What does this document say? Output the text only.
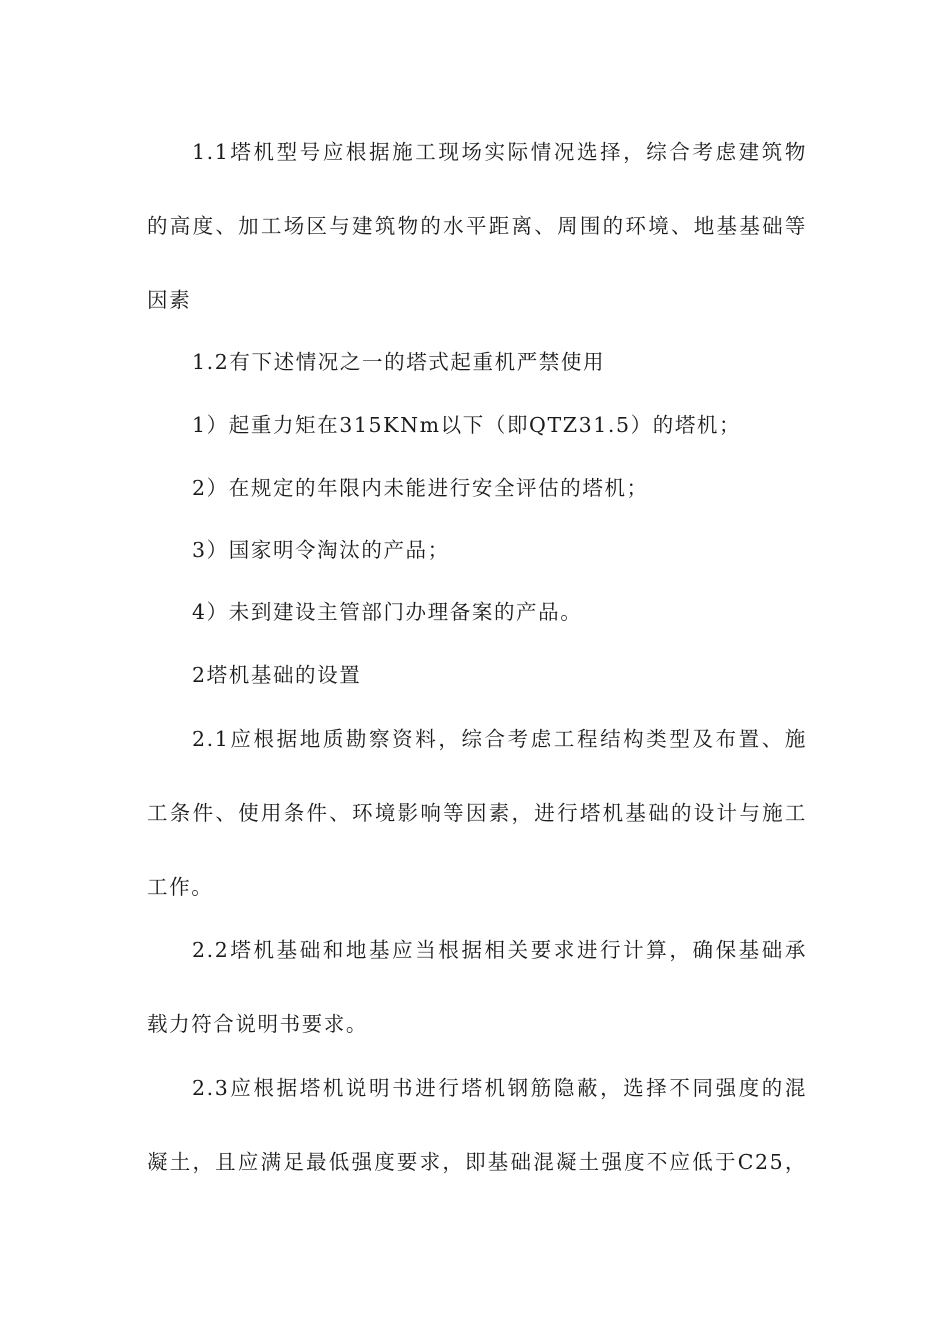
1.1塔机型号应根据施工现场实际情况选择，综合考虑建筑物
的高度、加工场区与建筑物的水平距离、周围的环境、地基基础等
因素
1.2有下述情况之一的塔式起重机严禁使用
1）起重力矩在315KNm以下（即QTZ31.5）的塔机；
2）在规定的年限内未能进行安全评估的塔机；
3）国家明令淘汰的产品；
4）未到建设主管部门办理备案的产品。
2塔机基础的设置
2.1应根据地质勘察资料，综合考虑工程结构类型及布置、施
工条件、使用条件、环境影响等因素，进行塔机基础的设计与施工
工作。
2.2塔机基础和地基应当根据相关要求进行计算，确保基础承
载力符合说明书要求。
2.3应根据塔机说明书进行塔机钢筋隐蔽，选择不同强度的混
凝土，且应满足最低强度要求，即基础混凝土强度不应低于C25，
